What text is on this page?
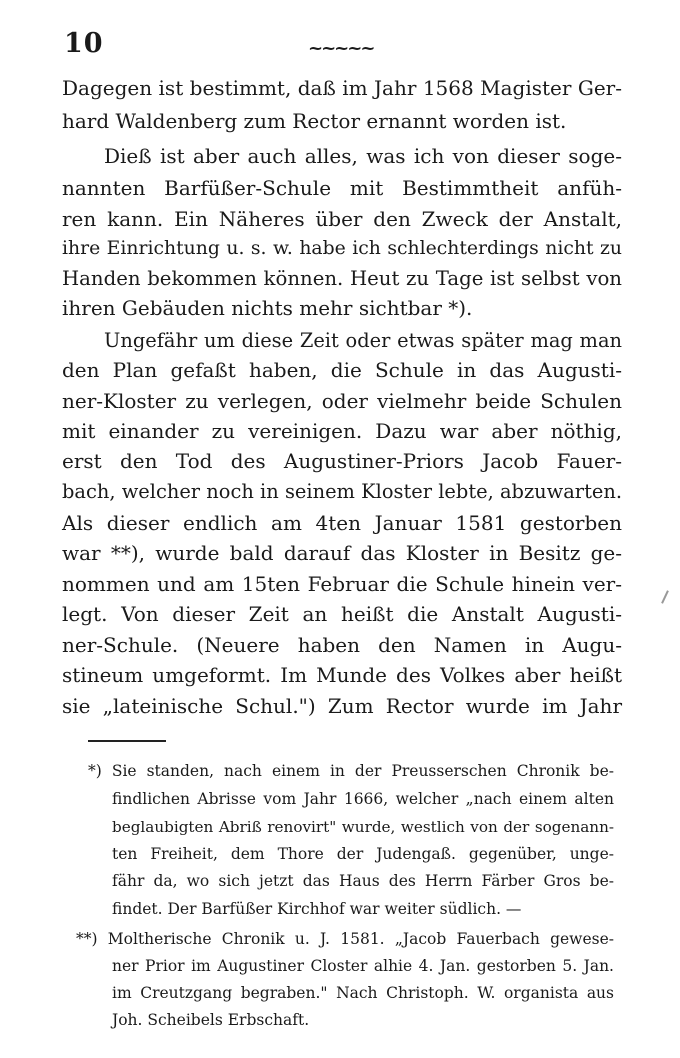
10	~~~~~
Dagegen ist bestimmt, daß im Jahr 1568 Magister Ger-
hard Waldenberg zum Rector ernannt worden ist.
Dieß ist aber auch alles, was ich von dieser soge-
nannten Barfüßer-Schule mit Bestimmtheit anfüh-
ren kann. Ein Näheres über den Zweck der Anstalt,
ihre Einrichtung u. s. w. habe ich schlechterdings nicht zu
Handen bekommen können. Heut zu Tage ist selbst von
ihren Gebäuden nichts mehr sichtbar *).
Ungefähr um diese Zeit oder etwas später mag man
den Plan gefaßt haben, die Schule in das Augusti-
ner-Kloster zu verlegen, oder vielmehr beide Schulen
mit einander zu vereinigen. Dazu war aber nöthig,
erst den Tod des Augustiner-Priors Jacob Fauer-
bach, welcher noch in seinem Kloster lebte, abzuwarten.
Als dieser endlich am 4ten Januar 1581 gestorben
war **), wurde bald darauf das Kloster in Besitz ge-
nommen und am 15ten Februar die Schule hinein ver-
legt. Von dieser Zeit an heißt die Anstalt Augusti-
ner-Schule. (Neuere haben den Namen in Augu-
stineum umgeformt. Im Munde des Volkes aber heißt
sie „lateinische Schul.") Zum Rector wurde im Jahr
*) Sie standen, nach einem in der Preusserschen Chronik be-
findlichen Abrisse vom Jahr 1666, welcher „nach einem alten
beglaubigten Abriß renovirt" wurde, westlich von der sogenann-
ten Freiheit, dem Thore der Judengaß. gegenüber, unge-
fähr da, wo sich jetzt das Haus des Herrn Färber Gros be-
findet. Der Barfüßer Kirchhof war weiter südlich. —
**) Moltherische Chronik u. J. 1581. „Jacob Fauerbach gewese-
ner Prior im Augustiner Closter alhie 4. Jan. gestorben 5. Jan.
im Creutzgang begraben." Nach Christoph. W. organista aus
Joh. Scheibels Erbschaft.
